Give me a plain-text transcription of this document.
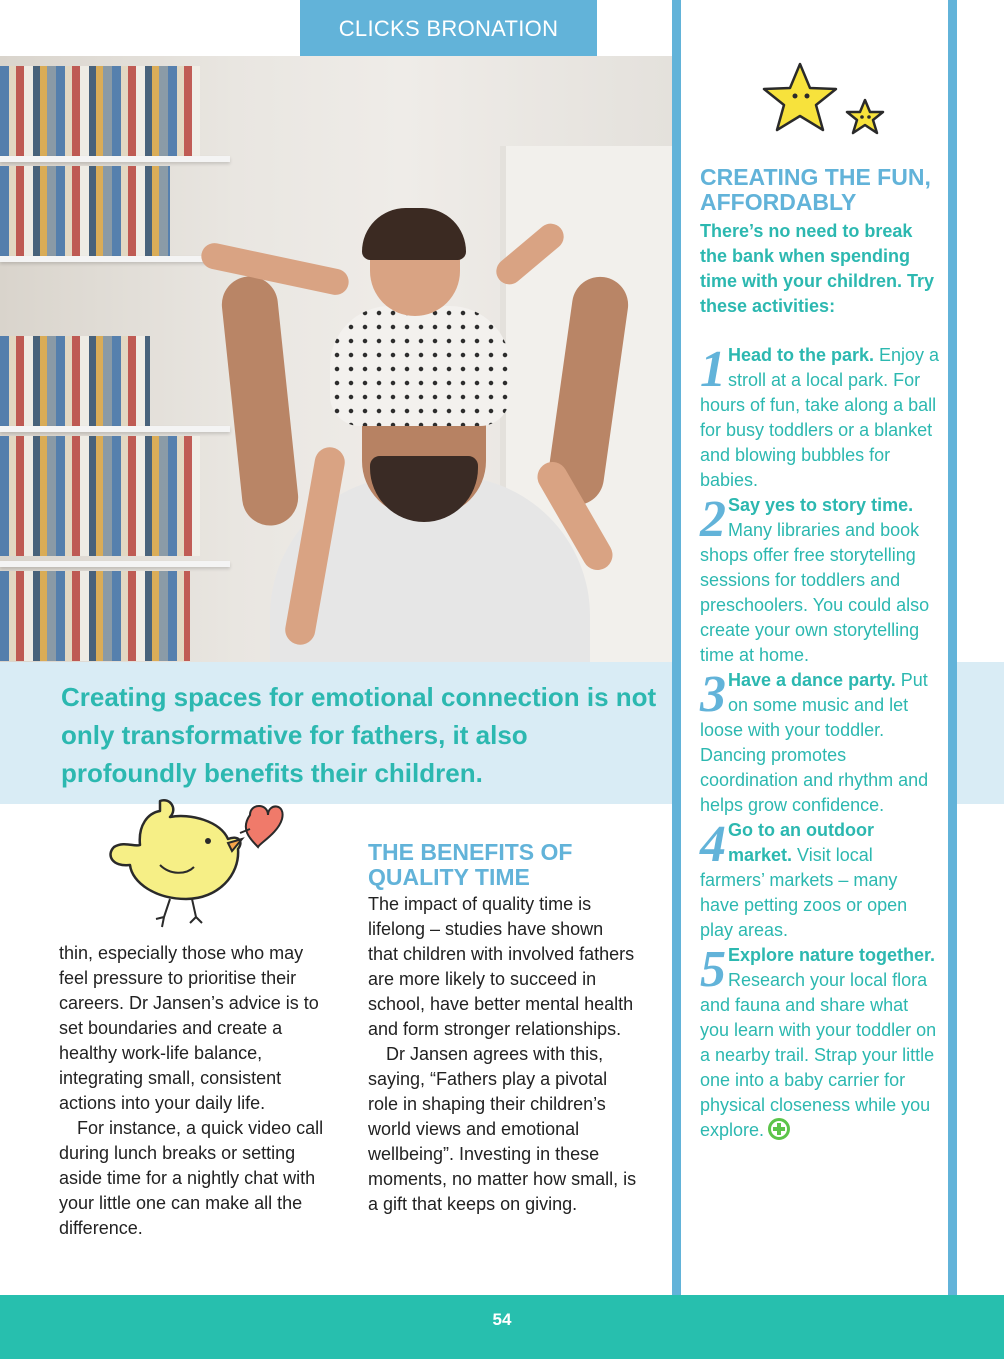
CLICKS BRONATION

Creating spaces for emotional connection is not only transformative for fathers, it also profoundly benefits their children.

CREATING THE FUN, AFFORDABLY

There’s no need to break the bank when spending time with your children. Try these activities:

1 Head to the park. Enjoy a stroll at a local park. For hours of fun, take along a ball for busy toddlers or a blanket and blowing bubbles for babies.
2 Say yes to story time. Many libraries and book shops offer free storytelling sessions for toddlers and preschoolers. You could also create your own storytelling time at home.
3 Have a dance party. Put on some music and let loose with your toddler. Dancing promotes coordination and rhythm and helps grow confidence.
4 Go to an outdoor market. Visit local farmers’ markets – many have petting zoos or open play areas.
5 Explore nature together. Research your local flora and fauna and share what you learn with your toddler on a nearby trail. Strap your little one into a baby carrier for physical closeness while you explore.

thin, especially those who may feel pressure to prioritise their careers. Dr Jansen’s advice is to set boundaries and create a healthy work-life balance, integrating small, consistent actions into your daily life.

For instance, a quick video call during lunch breaks or setting aside time for a nightly chat with your little one can make all the difference.

THE BENEFITS OF QUALITY TIME

The impact of quality time is lifelong – studies have shown that children with involved fathers are more likely to succeed in school, have better mental health and form stronger relationships.

Dr Jansen agrees with this, saying, “Fathers play a pivotal role in shaping their children’s world views and emotional wellbeing”. Investing in these moments, no matter how small, is a gift that keeps on giving.

54
